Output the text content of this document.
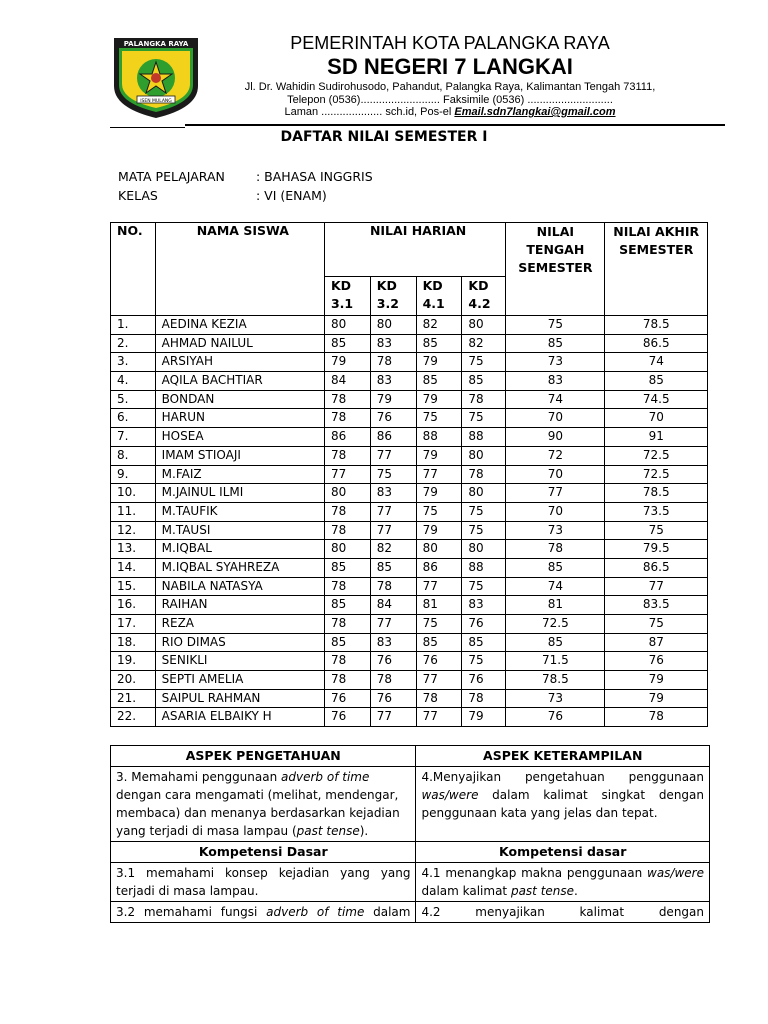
PALANGKA RAYA
ISEN MULANG
PEMERINTAH KOTA PALANGKA RAYA
SD NEGERI 7 LANGKAI
Jl. Dr. Wahidin Sudirohusodo, Pahandut, Palangka Raya, Kalimantan Tengah 73111,
Telepon (0536).......................... Faksimile (0536) ............................
Laman .................... sch.id, Pos-el Email.sdn7langkai@gmail.com
DAFTAR NILAI SEMESTER I
MATA PELAJARAN : BAHASA INGGRIS
KELAS	: VI (ENAM)
NO.	NAMA SISWA	NILAI HARIAN				NILAI TENGAH SEMESTER	NILAI AKHIR SEMESTER
		KD 3.1	KD 3.2	KD 4.1	KD 4.2		
1.	AEDINA KEZIA	80	80	82	80	75	78.5
2.	AHMAD NAILUL	85	83	85	82	85	86.5
3.	ARSIYAH	79	78	79	75	73	74
4.	AQILA BACHTIAR	84	83	85	85	83	85
5.	BONDAN	78	79	79	78	74	74.5
6.	HARUN	78	76	75	75	70	70
7.	HOSEA	86	86	88	88	90	91
8.	IMAM STIOAJI	78	77	79	80	72	72.5
9.	M.FAIZ	77	75	77	78	70	72.5
10.	M.JAINUL ILMI	80	83	79	80	77	78.5
11.	M.TAUFIK	78	77	75	75	70	73.5
12.	M.TAUSI	78	77	79	75	73	75
13.	M.IQBAL	80	82	80	80	78	79.5
14.	M.IQBAL SYAHREZA	85	85	86	88	85	86.5
15.	NABILA NATASYA	78	78	77	75	74	77
16.	RAIHAN	85	84	81	83	81	83.5
17.	REZA	78	77	75	76	72.5	75
18.	RIO DIMAS	85	83	85	85	85	87
19.	SENIKLI	78	76	76	75	71.5	76
20.	SEPTI AMELIA	78	78	77	76	78.5	79
21.	SAIPUL RAHMAN	76	76	78	78	73	79
22.	ASARIA ELBAIKY H	76	77	77	79	76	78
ASPEK PENGETAHUAN	ASPEK KETERAMPILAN
3. Memahami penggunaan adverb of time dengan cara mengamati (melihat, mendengar, membaca) dan menanya berdasarkan kejadian yang terjadi di masa lampau (past tense).	4.Menyajikan pengetahuan penggunaan was/were dalam kalimat singkat dengan penggunaan kata yang jelas dan tepat.
Kompetensi Dasar	Kompetensi dasar
3.1 memahami konsep kejadian yang yang terjadi di masa lampau.	4.1 menangkap makna penggunaan was/were dalam kalimat past tense.
3.2 memahami fungsi adverb of time dalam	4.2 menyajikan kalimat dengan
